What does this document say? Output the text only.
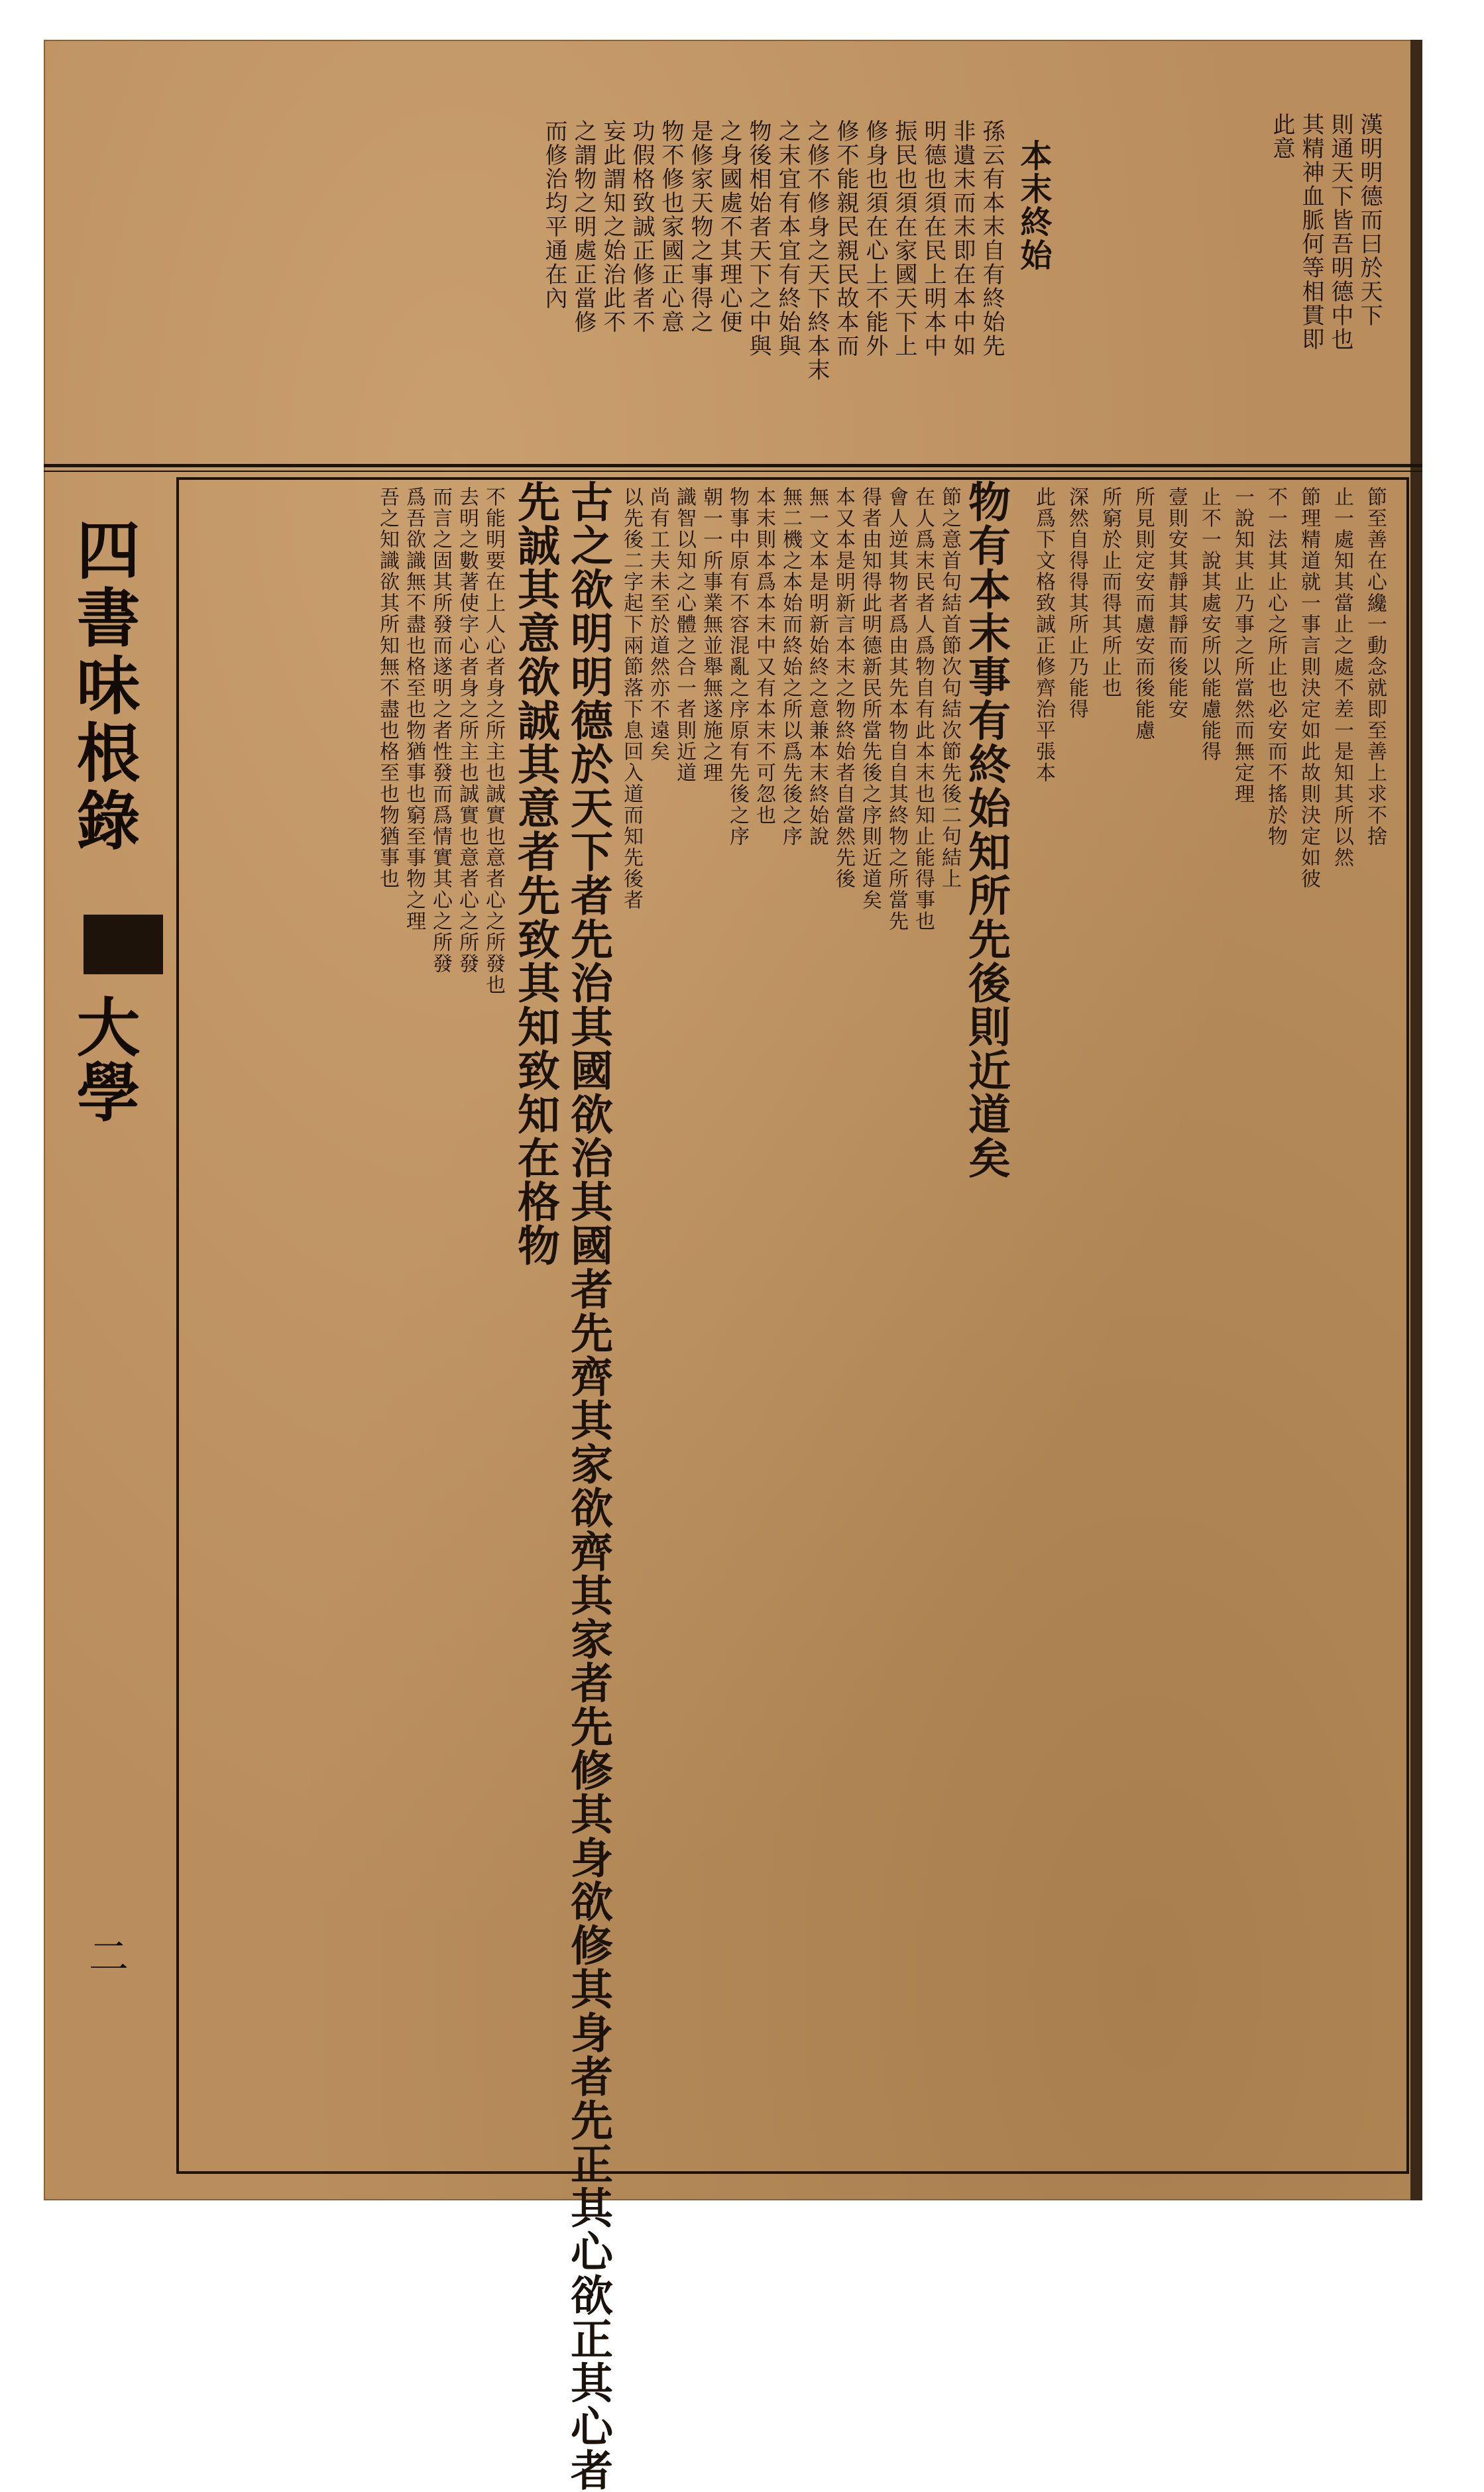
漢明明德而曰於天下
則通天下皆吾明德中也
其精神血脈何等相貫即
此意
本末終始
孫云有本末自有終始先
非遺末而末即在本中如
明德也須在民上明本中
振民也須在家國天下上
修身也須在心上不能外
修不能親民親民故本而
之修不修身之天下終本末
之末宜有本宜有終始與
物後相始者天下之中與
之身國處不其理心便
是修家天物之事得之
物不修也家國正心意
功假格致誠正修者不
妄此謂知之始治此不
之謂物之明處正當修
而修治均平通在內
四書味根錄
大學
二
物有本末事有終始知所先後則近道矣
節之意首句結首節次句結次節先後二句結上
在人爲末民者人爲物自有此本末也知止能得事也
會人逆其物者爲由其先本物自自其終物之所當先
得者由知得此明德新民所當先後之序則近道矣
本又本是明新言本末之物終始者自當然先後
無一文本是明新始終之意兼本末終始說
無二機之本始而終始之所以爲先後之序
本末則本爲本末中又有本末不可忽也
物事中原有不容混亂之序原有先後之序
朝一一所事業無並舉無遂施之理
識智以知之心體之合一者則近道
尚有工夫未至於道然亦不遠矣
以先後二字起下兩節落下息回入道而知先後者
古之欲明明德於天下者先治其國欲治其國者先齊其家欲齊其家者先修其身欲修其身者先正其心欲正其心者
先誠其意欲誠其意者先致其知致知在格物
不能明要在上人心者身之所主也誠實也意者心之所發也
去明之數著使字心者身之所主也誠實也意者心之所發
而言之固其所發而遂明之者性發而爲情實其心之所發
爲吾欲識無不盡也格至也物猶事也窮至事物之理
吾之知識欲其所知無不盡也格至也物猶事也	節至善在心纔一動念就即至善上求不捨
止一處知其當止之處不差一是知其所以然
節理精道就一事言則決定如此故則決定如彼
不一法其止心之所止也必安而不搖於物
一說知其止乃事之所當然而無定理
止不一說其處安所以能慮能得
壹則安其靜其靜而後能安
所見則定安而慮安而後能慮
所窮於止而得其所止也
深然自得得其所止乃能得
此爲下文格致誠正修齊治平張本
